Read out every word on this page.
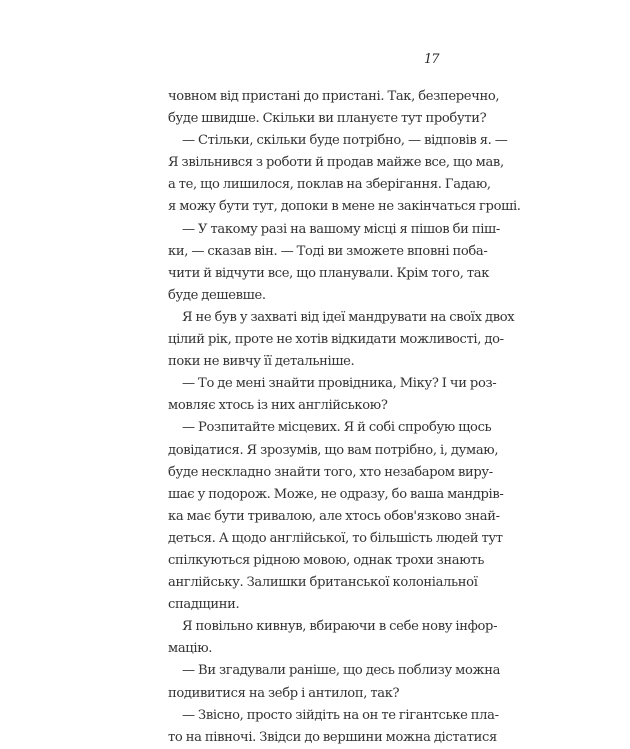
17
човном від пристані до пристані. Так, безперечно,
буде швидше. Скільки ви плануєте тут пробути?
— Стільки, скільки буде потрібно, — відповів я. —
Я звільнився з роботи й продав майже все, що мав,
а те, що лишилося, поклав на зберігання. Гадаю,
я можу бути тут, допоки в мене не закінчаться гроші.
— У такому разі на вашому місці я пішов би піш-
ки, — сказав він. — Тоді ви зможете вповні поба-
чити й відчути все, що планували. Крім того, так
буде дешевше.
Я не був у захваті від ідеї мандрувати на своїх двох
цілий рік, проте не хотів відкидати можливості, до-
поки не вивчу її детальніше.
— То де мені знайти провідника, Міку? І чи роз-
мовляє хтось із них англійською?
— Розпитайте місцевих. Я й собі спробую щось
довідатися. Я зрозумів, що вам потрібно, і, думаю,
буде нескладно знайти того, хто незабаром виру-
шає у подорож. Може, не одразу, бо ваша мандрів-
ка має бути тривалою, але хтось обов'язково знай-
деться. А щодо англійської, то більшість людей тут
спілкуються рідною мовою, однак трохи знають
англійську. Залишки британської колоніальної
спадщини.
Я повільно кивнув, вбираючи в себе нову інфор-
мацію.
— Ви згадували раніше, що десь поблизу можна
подивитися на зебр і антилоп, так?
— Звісно, просто зійдіть на он те гігантське пла-
то на півночі. Звідси до вершини можна дістатися
